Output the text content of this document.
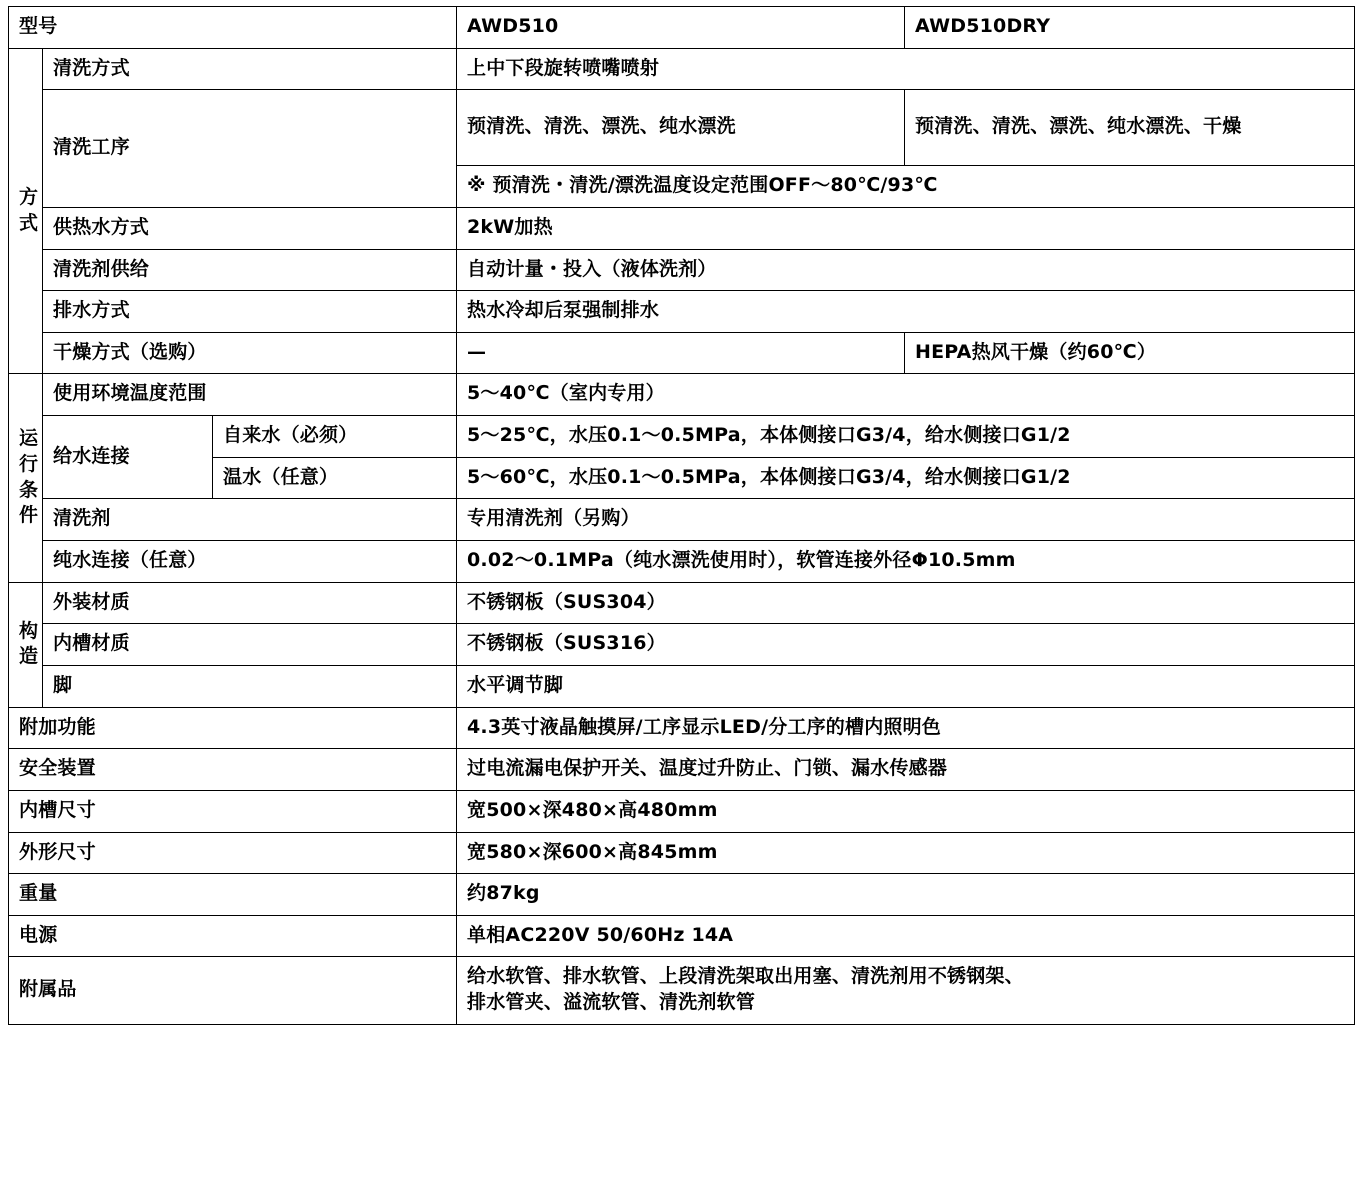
型号			AWD510	AWD510DRY
方式	清洗方式		上中下段旋转喷嘴喷射	
	清洗工序		预清洗、清洗、漂洗、纯水漂洗	预清洗、清洗、漂洗、纯水漂洗、干燥
			※ 预清洗・清洗/漂洗温度设定范围OFF〜80℃/93℃	
	供热水方式		2kW加热	
	清洗剂供给		自动计量・投入（液体洗剂）	
	排水方式		热水冷却后泵强制排水	
	干燥方式（选购）		—	HEPA热风干燥（约60℃）
运行条件	使用环境温度范围		5〜40℃（室内专用）	
	给水连接	自来水（必须）	5〜25℃，水压0.1〜0.5MPa，本体侧接口G3/4，给水侧接口G1/2	
		温水（任意）	5〜60℃，水压0.1〜0.5MPa，本体侧接口G3/4，给水侧接口G1/2	
	清洗剂		专用清洗剂（另购）	
	纯水连接（任意）		0.02〜0.1MPa（纯水漂洗使用时），软管连接外径Φ10.5mm	
构造	外装材质		不锈钢板（SUS304）	
	内槽材质		不锈钢板（SUS316）	
	脚		水平调节脚	
附加功能			4.3英寸液晶触摸屏/工序显示LED/分工序的槽内照明色	
安全装置			过电流漏电保护开关、温度过升防止、门锁、漏水传感器	
内槽尺寸			宽500×深480×高480mm	
外形尺寸			宽580×深600×高845mm	
重量			约87kg	
电源			单相AC220V 50/60Hz 14A	
附属品			给水软管、排水软管、上段清洗架取出用塞、清洗剂用不锈钢架、
排水管夹、溢流软管、清洗剂软管	
